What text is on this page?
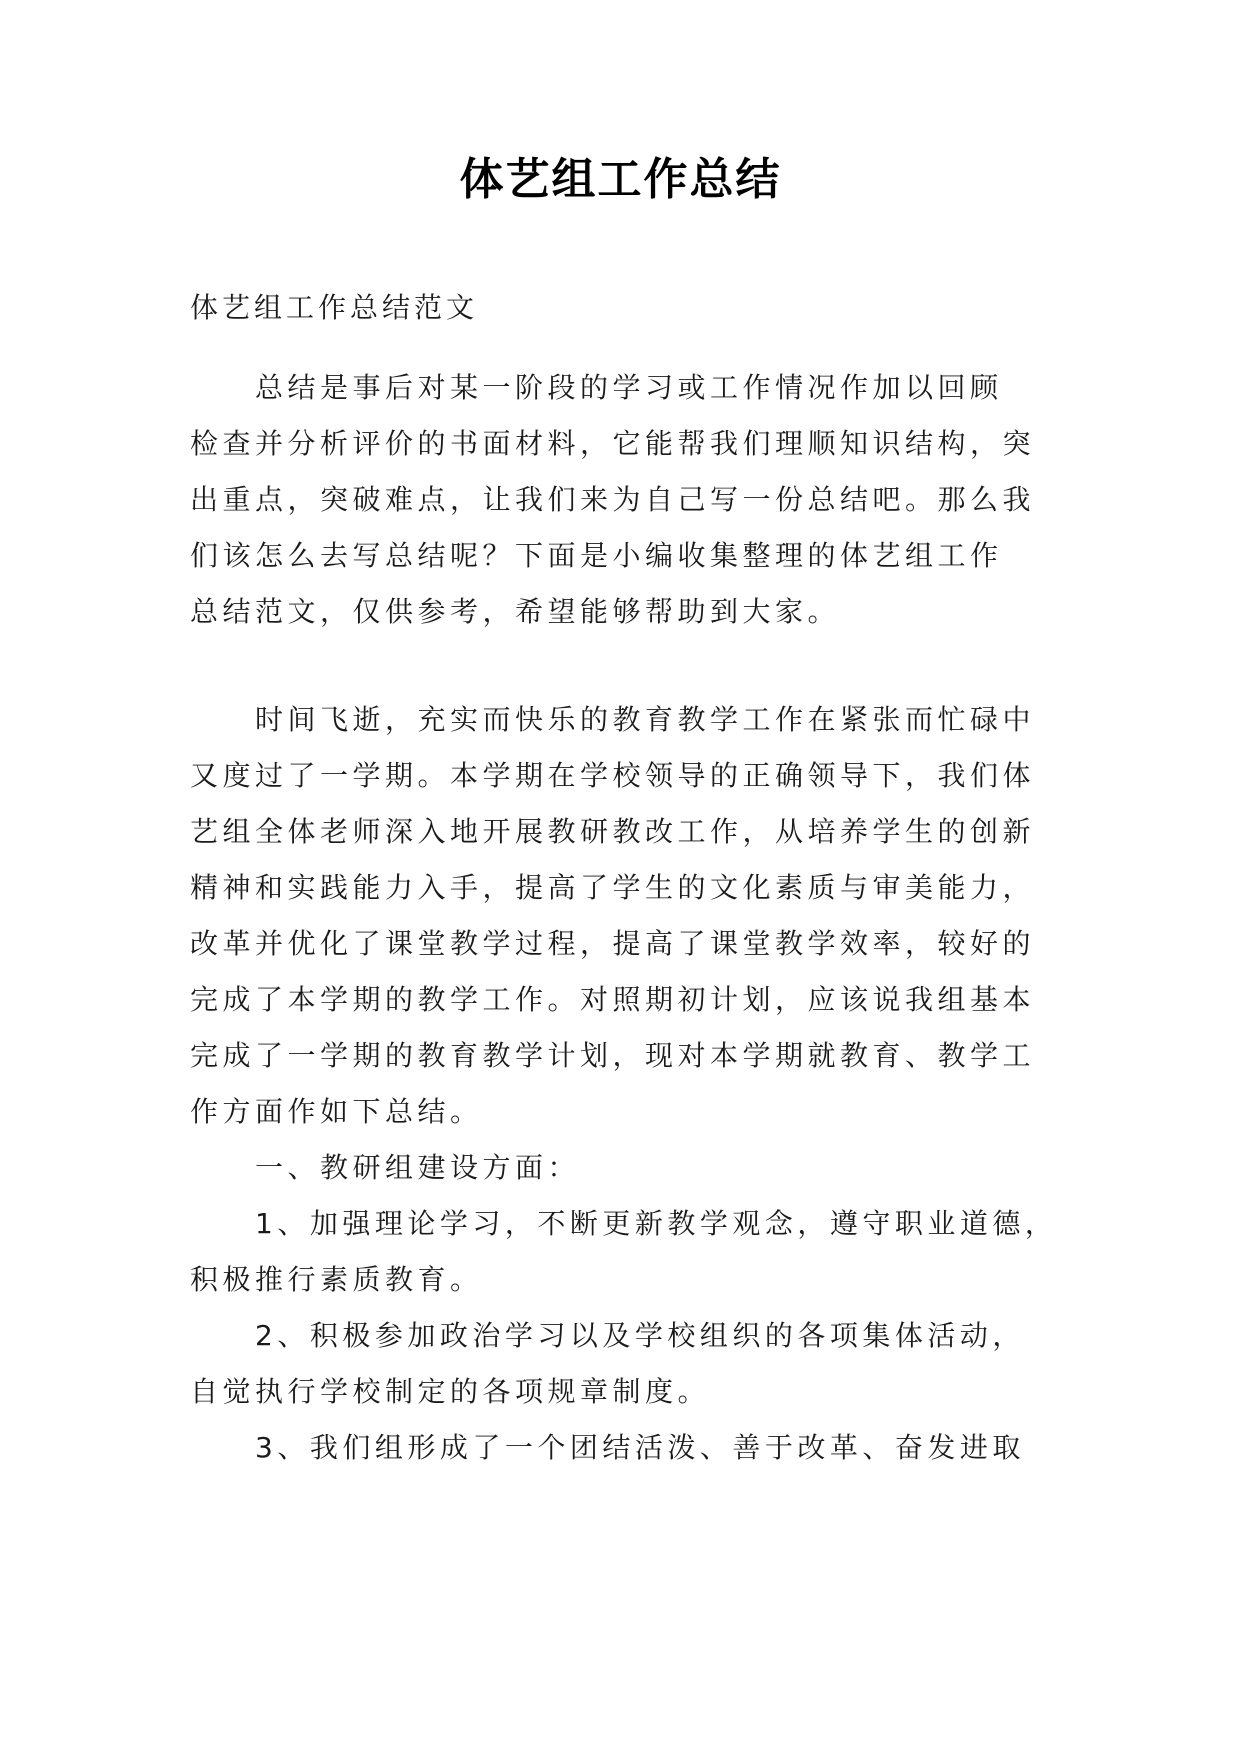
体艺组工作总结
体艺组工作总结范文
总结是事后对某一阶段的学习或工作情况作加以回顾
检查并分析评价的书面材料，它能帮我们理顺知识结构，突
出重点，突破难点，让我们来为自己写一份总结吧。那么我
们该怎么去写总结呢？下面是小编收集整理的体艺组工作
总结范文，仅供参考，希望能够帮助到大家。
时间飞逝，充实而快乐的教育教学工作在紧张而忙碌中
又度过了一学期。本学期在学校领导的正确领导下，我们体
艺组全体老师深入地开展教研教改工作，从培养学生的创新
精神和实践能力入手，提高了学生的文化素质与审美能力，
改革并优化了课堂教学过程，提高了课堂教学效率，较好的
完成了本学期的教学工作。对照期初计划，应该说我组基本
完成了一学期的教育教学计划，现对本学期就教育、教学工
作方面作如下总结。
一、教研组建设方面：
1、加强理论学习，不断更新教学观念，遵守职业道德，
积极推行素质教育。
2、积极参加政治学习以及学校组织的各项集体活动，
自觉执行学校制定的各项规章制度。
3、我们组形成了一个团结活泼、善于改革、奋发进取
